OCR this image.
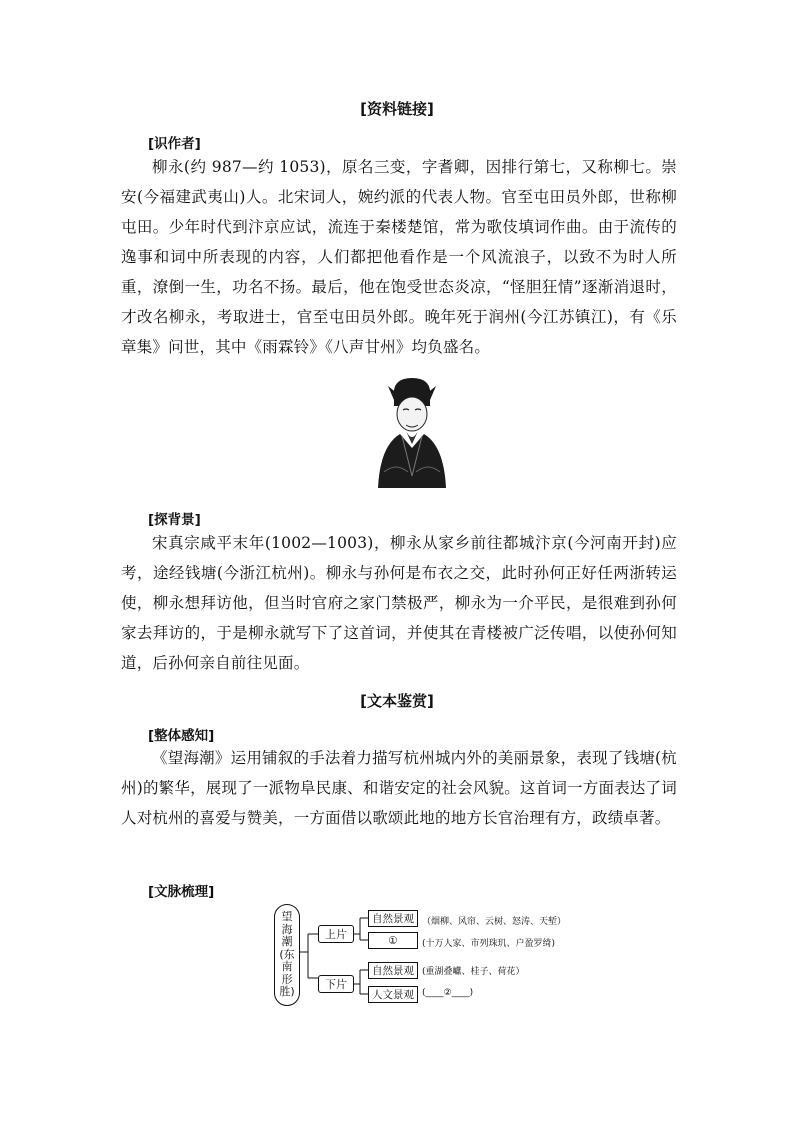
[资料链接]
[识作者]

柳永(约 987—约 1053)，原名三变，字耆卿，因排行第七，又称柳七。崇安(今福建武夷山)人。北宋词人，婉约派的代表人物。官至屯田员外郎，世称柳屯田。少年时代到汴京应试，流连于秦楼楚馆，常为歌伎填词作曲。由于流传的逸事和词中所表现的内容，人们都把他看作是一个风流浪子，以致不为时人所重，潦倒一生，功名不扬。最后，他在饱受世态炎凉，“怪胆狂情”逐渐消退时，才改名柳永，考取进士，官至屯田员外郎。晚年死于润州(今江苏镇江)，有《乐章集》问世，其中《雨霖铃》《八声甘州》均负盛名。

[探背景]

宋真宗咸平末年(1002—1003)，柳永从家乡前往都城汴京(今河南开封)应考，途经钱塘(今浙江杭州)。柳永与孙何是布衣之交，此时孙何正好任两浙转运使，柳永想拜访他，但当时官府之家门禁极严，柳永为一介平民，是很难到孙何家去拜访的，于是柳永就写下了这首词，并使其在青楼被广泛传唱，以使孙何知道，后孙何亲自前往见面。

[文本鉴赏]
[整体感知]

《望海潮》运用铺叙的手法着力描写杭州城内外的美丽景象，表现了钱塘(杭州)的繁华，展现了一派物阜民康、和谐安定的社会风貌。这首词一方面表达了词人对杭州的喜爱与赞美，一方面借以歌颂此地的地方长官治理有方，政绩卓著。

[文脉梳理]
望
海
潮
(东
南
形
胜)
上片
下片
自然景观 （烟柳、风帘、云树、怒涛、天堑）
①	(十万人家、市列珠玑、户盈罗绮)
自然景观 (重湖叠巘、桂子、荷花）
人文景观 (____②____)
